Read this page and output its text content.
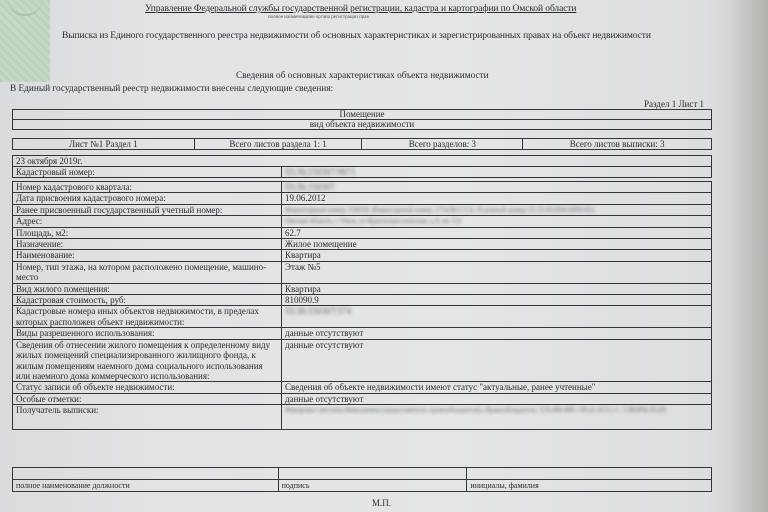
Управление Федеральной службы государственной регистрации, кадастра и картографии по Омской области
полное наименование органа регистрации прав
Выписка из Единого государственного реестра недвижимости об основных характеристиках и зарегистрированных правах на объект недвижимости
Сведения об основных характеристиках объекта недвижимости
В Единый государственный реестр недвижимости внесены следующие сведения:
Раздел 1 Лист 1
Помещение
вид объекта недвижимости
Лист №1 Раздел 1	Всего листов раздела 1: 1	Всего разделов: 3	Всего листов выписки: 3
23 октября 2019г.
Кадастровый номер:	55:36:150307:9871
Номер кадастрового квартала:	55:36:150307
Дата присвоения кадастрового номера:	19.06.2012
Ранее присвоенный государственный учетный номер:	Инвентарный номер 156058, Инвентарный номер 17543R/1:5:4, Условный номер 55-55-01/094/2009-052
Адрес:	Омская область, г Омск, ул Краснопресненская, д 4, кв 152
Площадь, м2:	62.7
Назначение:	Жилое помещение
Наименование:	Квартира
Номер, тип этажа, на котором расположено помещение, машино-место	Этаж №5
Вид жилого помещения:	Квартира
Кадастровая стоимость, руб:	810090.9
Кадастровые номера иных объектов недвижимости, в пределах которых расположен объект недвижимости:	55:36:150307:574
Виды разрешенного использования:	данные отсутствуют
Сведения об отнесении жилого помещения к определенному виду жилых помещений специализированного жилищного фонда, к жилым помещениям наемного дома социального использования или наемного дома коммерческого использования:	данные отсутствуют
Статус записи об объекте недвижимости:	Сведения об объекте недвижимости имеют статус "актуальные, ранее учтенные"
Особые отметки:	данные отсутствуют
Получатель выписки:	Макарова Светлана Николаевна (представитель правообладателя), Правообладатель: Т.Х.000 000 / 00 (4 18 0 ) 1 / 3 ВОРЫ 05.09

полное наименование должности	подпись	инициалы, фамилия
М.П.
